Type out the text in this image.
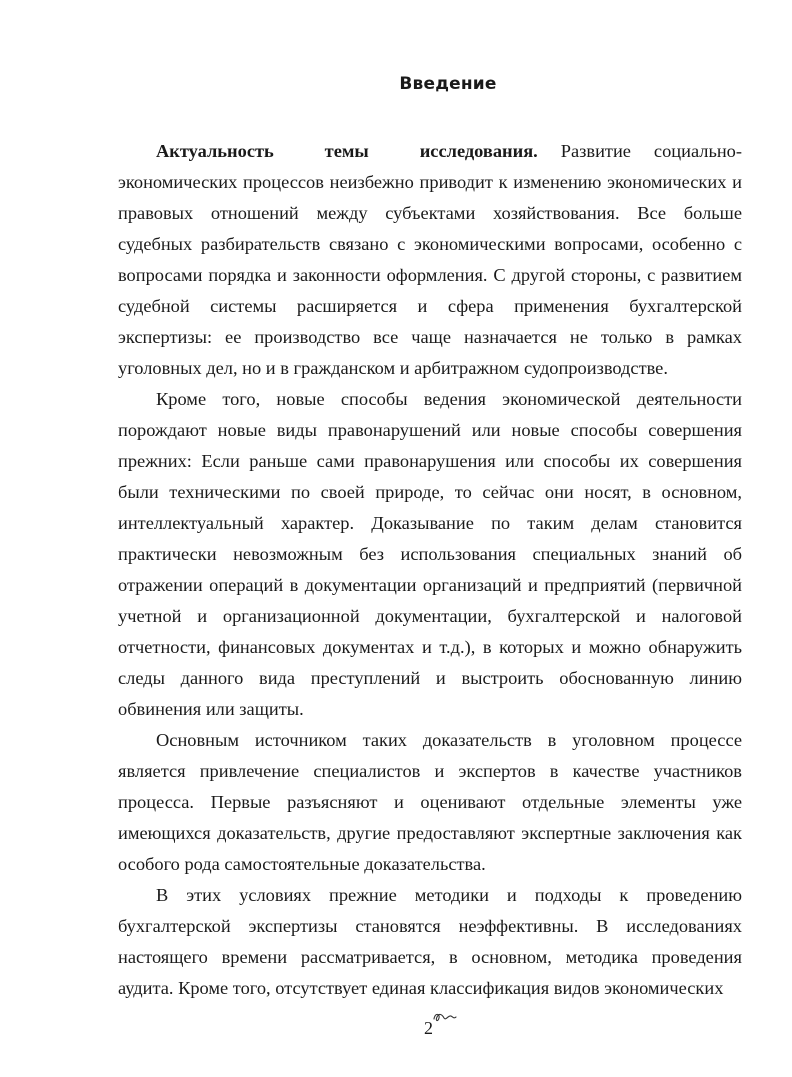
Введение

Актуальность темы исследования. Развитие социально-экономических процессов неизбежно приводит к изменению экономических и правовых отношений между субъектами хозяйствования. Все больше судебных разбирательств связано с экономическими вопросами, особенно с вопросами порядка и законности оформления. С другой стороны, с развитием судебной системы расширяется и сфера применения бухгалтерской экспертизы: ее производство все чаще назначается не только в рамках уголовных дел, но и в гражданском и арбитражном судопроизводстве.

Кроме того, новые способы ведения экономической деятельности порождают новые виды правонарушений или новые способы совершения прежних: Если раньше сами правонарушения или способы их совершения были техническими по своей природе, то сейчас они носят, в основном, интеллектуальный характер. Доказывание по таким делам становится практически невозможным без использования специальных знаний об отражении операций в документации организаций и предприятий (первичной учетной и организационной документации, бухгалтерской и налоговой отчетности, финансовых документах и т.д.), в которых и можно обнаружить следы данного вида преступлений и выстроить обоснованную линию обвинения или защиты.

Основным источником таких доказательств в уголовном процессе является привлечение специалистов и экспертов в качестве участников процесса. Первые разъясняют и оценивают отдельные элементы уже имеющихся доказательств, другие предоставляют экспертные заключения как особого рода самостоятельные доказательства.

В этих условиях прежние методики и подходы к проведению бухгалтерской экспертизы становятся неэффективны. В исследованиях настоящего времени рассматривается, в основном, методика проведения аудита. Кроме того, отсутствует единая классификация видов экономических

2
